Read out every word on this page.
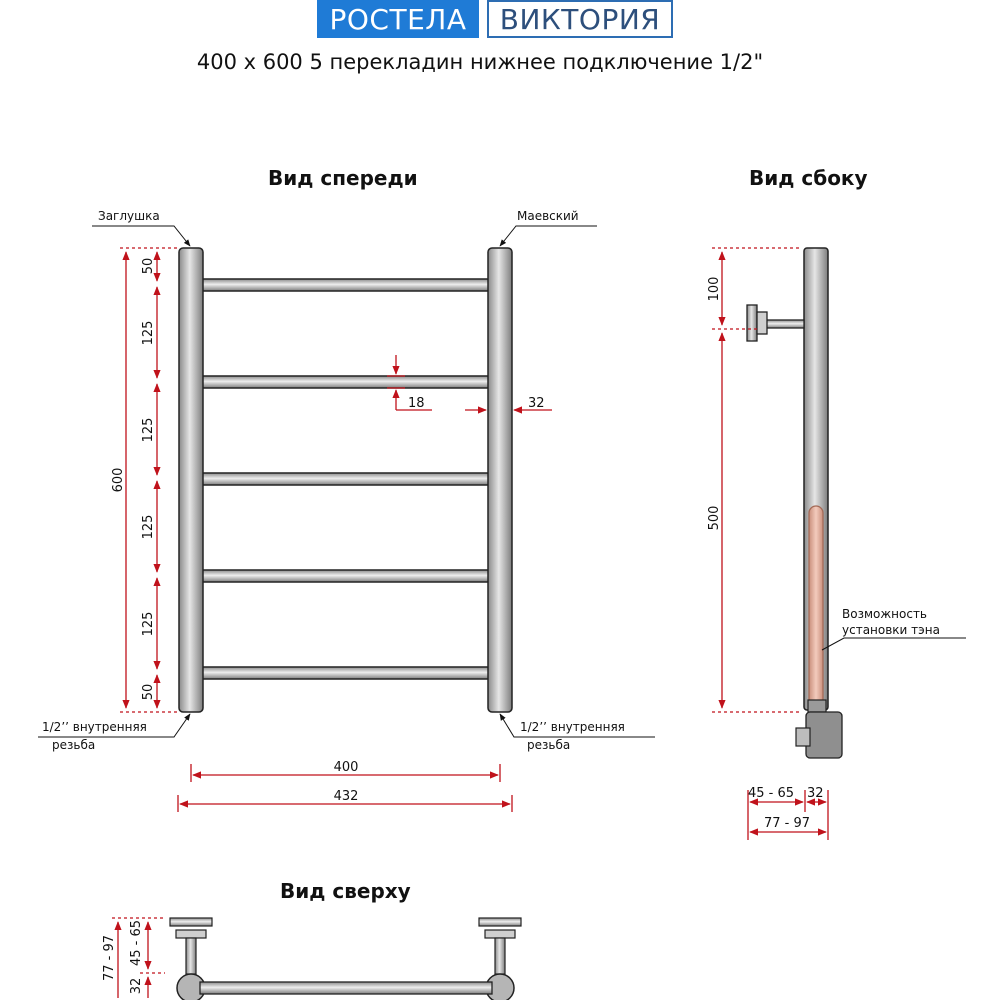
РОСТЕЛА ВИКТОРИЯ
400 x 600 5 перекладин нижнее подключение 1/2"
Вид спереди	Вид сбоку
Вид сверху
Заглушка	Маевский
1/2’’ внутренняя
резьба
1/2’’ внутренняя
резьба
600
50
125
125
125
125
50
18	32
400
432
Возможность
установки тэна
100
500
45 - 65 32
77 - 97
77 - 97 45 - 65
32
